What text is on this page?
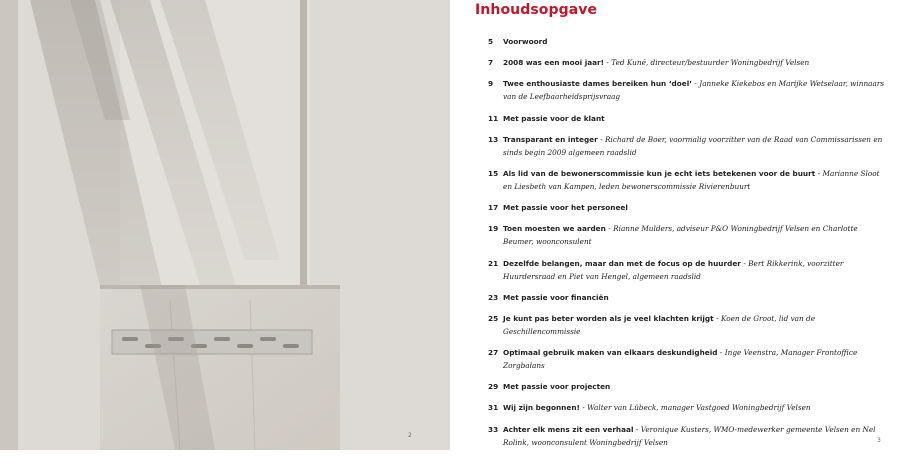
2
Inhoudsopgave
5	Voorwoord
7	2008 was een mooi jaar! - Ted Kuné, directeur/bestuurder Woningbedrijf Velsen
9	Twee enthousiaste dames bereiken hun ‘doel’ - Janneke Kiekebos en Marijke Wetselaar, winnaars van de Leefbaarheidsprijsvraag
11 Met passie voor de klant
13 Transparant en integer - Richard de Boer, voormalig voorzitter van de Raad van Commissarissen en sinds begin 2009 algemeen raadslid
15 Als lid van de bewonerscommissie kun je echt iets betekenen voor de buurt - Marianne Sloot en Liesbeth van Kampen, leden bewonerscommissie Rivierenbuurt
17 Met passie voor het personeel
19 Toen moesten we aarden - Rianne Mulders, adviseur P&O Woningbedrijf Velsen en Charlotte Beumer, woonconsulent
21 Dezelfde belangen, maar dan met de focus op de huurder - Bert Rikkerink, voorzitter Huurdersraad en Piet van Hengel, algemeen raadslid
23 Met passie voor financiën
25 Je kunt pas beter worden als je veel klachten krijgt - Koen de Groot, lid van de Geschillencommissie
27 Optimaal gebruik maken van elkaars deskundigheid - Inge Veenstra, Manager Frontoffice Zorgbalans
29 Met passie voor projecten
31 Wij zijn begonnen! - Walter van Lübeck, manager Vastgoed Woningbedrijf Velsen
33 Achter elk mens zit een verhaal - Veronique Kusters, WMO-medewerker gemeente Velsen en Nel Rolink, woonconsulent Woningbedrijf Velsen	3
